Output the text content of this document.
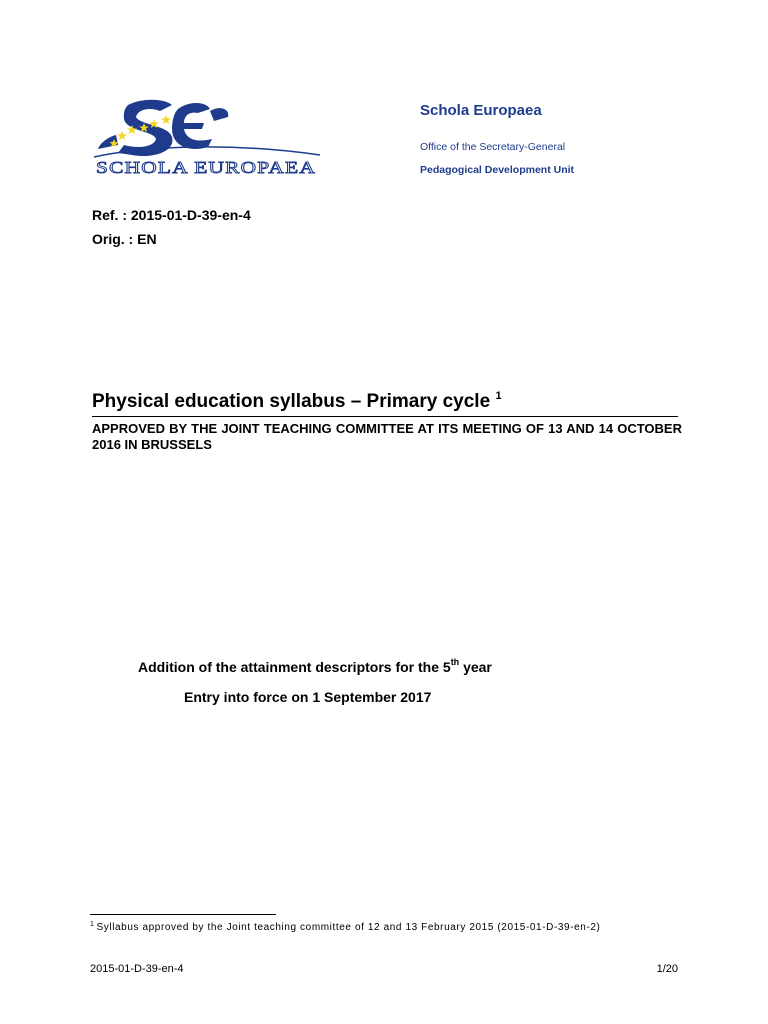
SCHOLA EUROPAEA
Schola Europaea
Office of the Secretary-General
Pedagogical Development Unit
Ref. : 2015-01-D-39-en-4
Orig. : EN
Physical education syllabus – Primary cycle $^1$
APPROVED BY THE JOINT TEACHING COMMITTEE AT ITS MEETING OF 13 AND 14 OCTOBER 2016 IN BRUSSELS
Addition of the attainment descriptors for the 5th year
Entry into force on 1 September 2017
$^1$ Syllabus approved by the Joint teaching committee of 12 and 13 February 2015 (2015-01-D-39-en-2)
2015-01-D-39-en-4	1/20
